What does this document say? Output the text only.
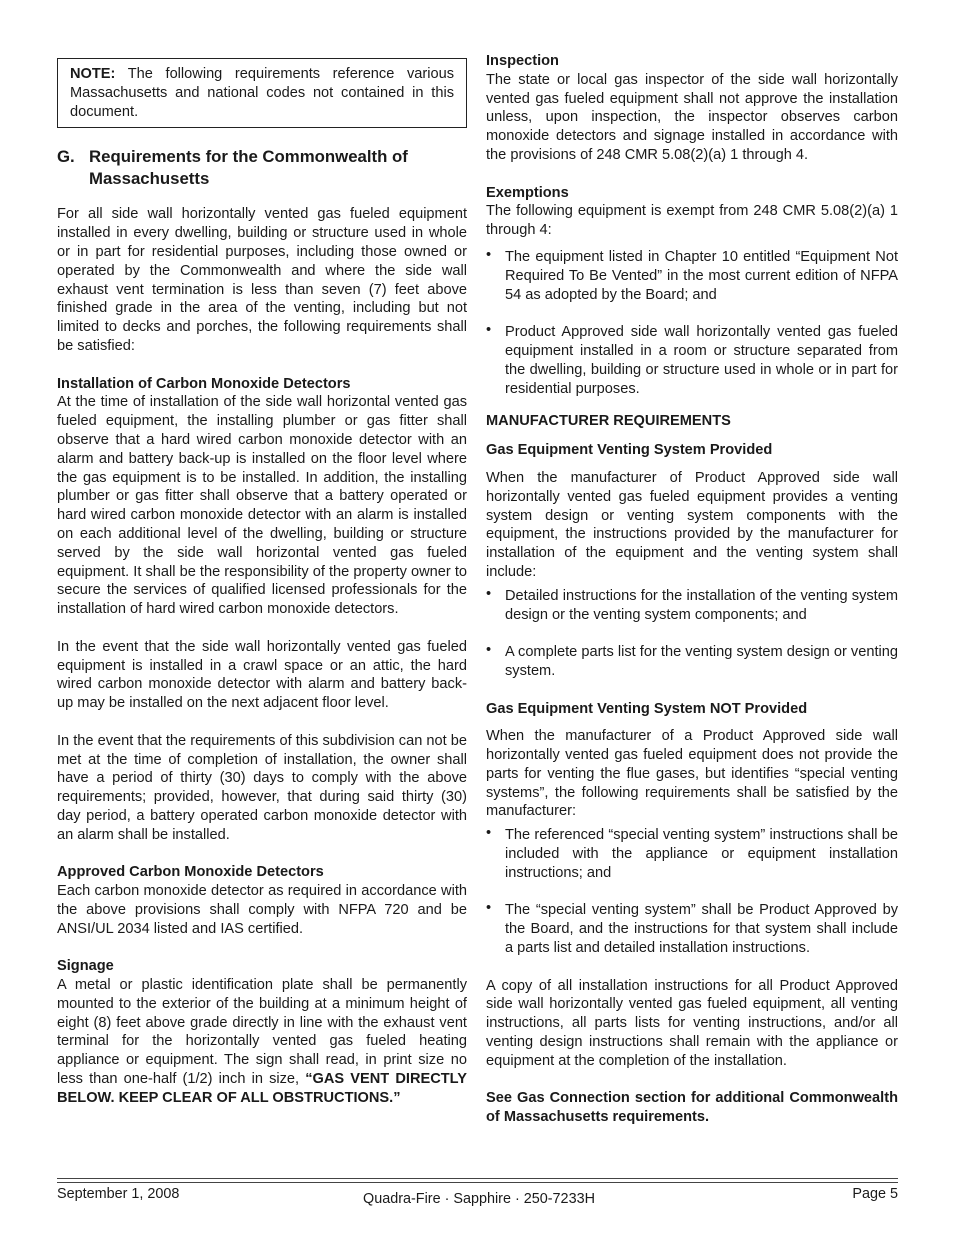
NOTE: The following requirements reference various Massachusetts and national codes not contained in this document.

G. Requirements for the Commonwealth of Massachusetts

For all side wall horizontally vented gas fueled equipment installed in every dwelling, building or structure used in whole or in part for residential purposes, including those owned or operated by the Commonwealth and where the side wall exhaust vent termination is less than seven (7) feet above finished grade in the area of the venting, including but not limited to decks and porches, the following requirements shall be satisfied:

Installation of Carbon Monoxide Detectors

At the time of installation of the side wall horizontal vented gas fueled equipment, the installing plumber or gas fitter shall observe that a hard wired carbon monoxide detector with an alarm and battery back-up is installed on the floor level where the gas equipment is to be installed. In addition, the installing plumber or gas fitter shall observe that a battery operated or hard wired carbon monoxide detector with an alarm is installed on each additional level of the dwelling, building or structure served by the side wall horizontal vented gas fueled equipment. It shall be the responsibility of the property owner to secure the services of qualified licensed professionals for the installation of hard wired carbon monoxide detectors.

In the event that the side wall horizontally vented gas fueled equipment is installed in a crawl space or an attic, the hard wired carbon monoxide detector with alarm and battery back-up may be installed on the next adjacent floor level.

In the event that the requirements of this subdivision can not be met at the time of completion of installation, the owner shall have a period of thirty (30) days to comply with the above requirements; provided, however, that during said thirty (30) day period, a battery operated carbon monoxide detector with an alarm shall be installed.

Approved Carbon Monoxide Detectors

Each carbon monoxide detector as required in accordance with the above provisions shall comply with NFPA 720 and be ANSI/UL 2034 listed and IAS certified.

Signage

A metal or plastic identification plate shall be permanently mounted to the exterior of the building at a minimum height of eight (8) feet above grade directly in line with the exhaust vent terminal for the horizontally vented gas fueled heating appliance or equipment. The sign shall read, in print size no less than one-half (1/2) inch in size, “GAS VENT DIRECTLY BELOW. KEEP CLEAR OF ALL OBSTRUCTIONS.”

Inspection

The state or local gas inspector of the side wall horizontally vented gas fueled equipment shall not approve the installation unless, upon inspection, the inspector observes carbon monoxide detectors and signage installed in accordance with the provisions of 248 CMR 5.08(2)(a) 1 through 4.

Exemptions

The following equipment is exempt from 248 CMR 5.08(2)(a) 1 through 4:

• The equipment listed in Chapter 10 entitled “Equipment Not Required To Be Vented” in the most current edition of NFPA 54 as adopted by the Board; and
• Product Approved side wall horizontally vented gas fueled equipment installed in a room or structure separated from the dwelling, building or structure used in whole or in part for residential purposes.

MANUFACTURER REQUIREMENTS

Gas Equipment Venting System Provided

When the manufacturer of Product Approved side wall horizontally vented gas fueled equipment provides a venting system design or venting system components with the equipment, the instructions provided by the manufacturer for installation of the equipment and the venting system shall include:

• Detailed instructions for the installation of the venting system design or the venting system components; and
• A complete parts list for the venting system design or venting system.

Gas Equipment Venting System NOT Provided

When the manufacturer of a Product Approved side wall horizontally vented gas fueled equipment does not provide the parts for venting the flue gases, but identifies “special venting systems”, the following requirements shall be satisfied by the manufacturer:

• The referenced “special venting system” instructions shall be included with the appliance or equipment installation instructions; and
• The “special venting system” shall be Product Approved by the Board, and the instructions for that system shall include a parts list and detailed installation instructions.

A copy of all installation instructions for all Product Approved side wall horizontally vented gas fueled equipment, all venting instructions, all parts lists for venting instructions, and/or all venting design instructions shall remain with the appliance or equipment at the completion of the installation.

See Gas Connection section for additional Commonwealth of Massachusetts requirements.

September 1, 2008	Quadra-Fire · Sapphire · 250-7233H	Page 5
